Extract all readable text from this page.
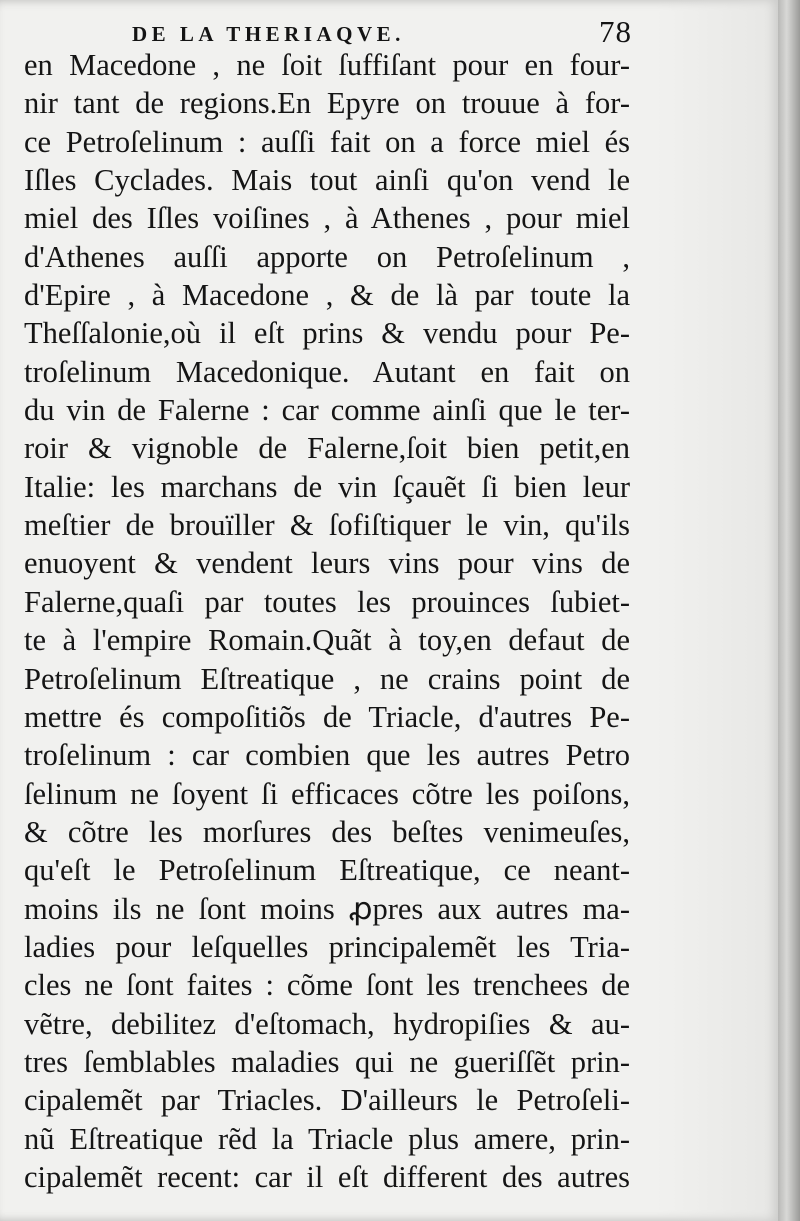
DE LA THERIAQVE.	78
en Macedone , ne ſoit ſuffiſant pour en four-
nir tant de regions.En Epyre on trouue à for-
ce Petroſelinum : auſſi fait on a force miel és
Iſles Cyclades. Mais tout ainſi qu'on vend le
miel des Iſles voiſines , à Athenes , pour miel
d'Athenes auſſi apporte on Petroſelinum ,
d'Epire , à Macedone , & de là par toute la
Theſſalonie,où il eſt prins & vendu pour Pe-
troſelinum Macedonique. Autant en fait on
du vin de Falerne : car comme ainſi que le ter-
roir & vignoble de Falerne,ſoit bien petit,en
Italie: les marchans de vin ſçauẽt ſi bien leur
meſtier de brouïller & ſofiſtiquer le vin, qu'ils
enuoyent & vendent leurs vins pour vins de
Falerne,quaſi par toutes les prouinces ſubiet-
te à l'empire Romain.Quãt à toy,en defaut de
Petroſelinum Eſtreatique , ne crains point de
mettre és compoſitiõs de Triacle, d'autres Pe-
troſelinum : car combien que les autres Petro
ſelinum ne ſoyent ſi efficaces cõtre les poiſons,
& cõtre les morſures des beſtes venimeuſes,
qu'eſt le Petroſelinum Eſtreatique, ce neant-
moins ils ne ſont moins ꝓpres aux autres ma-
ladies pour leſquelles principalemẽt les Tria-
cles ne ſont faites : cõme ſont les trenchees de
vẽtre, debilitez d'eſtomach, hydropiſies & au-
tres ſemblables maladies qui ne gueriſſẽt prin-
cipalemẽt par Triacles. D'ailleurs le Petroſeli-
nũ Eſtreatique rẽd la Triacle plus amere, prin-
cipalemẽt recent: car il eſt different des autres
